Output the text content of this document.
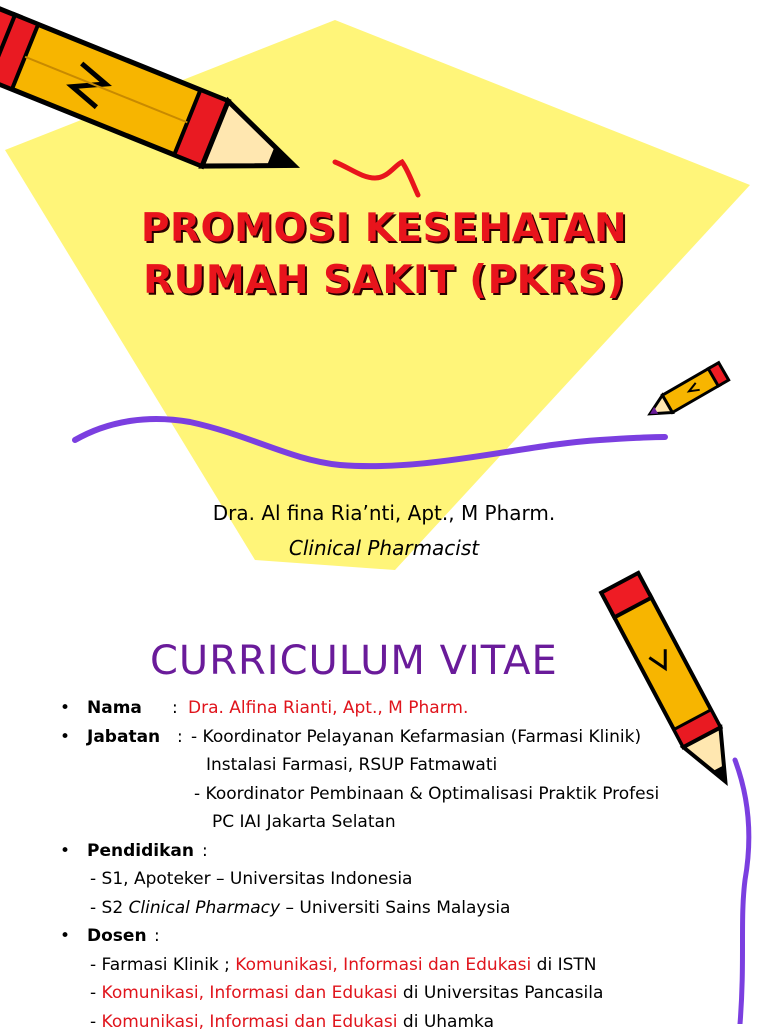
PROMOSI KESEHATAN
RUMAH SAKIT (PKRS)
Dra. Al fina Ria’nti, Apt., M Pharm.
Clinical Pharmacist
CURRICULUM VITAE
• Nama : Dra. Alfina Rianti, Apt., M Pharm.
• Jabatan : - Koordinator Pelayanan Kefarmasian (Farmasi Klinik)
Instalasi Farmasi, RSUP Fatmawati
- Koordinator Pembinaan & Optimalisasi Praktik Profesi
PC IAI Jakarta Selatan
• Pendidikan :
- S1, Apoteker – Universitas Indonesia
- S2 Clinical Pharmacy – Universiti Sains Malaysia
• Dosen :
- Farmasi Klinik ; Komunikasi, Informasi dan Edukasi di ISTN
- Komunikasi, Informasi dan Edukasi di Universitas Pancasila
- Komunikasi, Informasi dan Edukasi di Uhamka
